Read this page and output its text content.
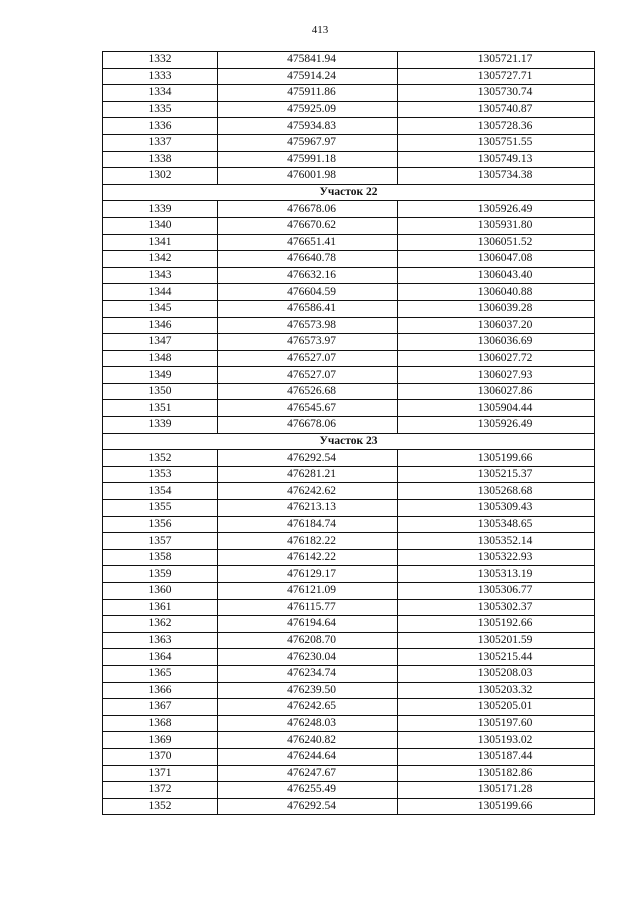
413
1332	475841.94	1305721.17
1333	475914.24	1305727.71
1334	475911.86	1305730.74
1335	475925.09	1305740.87
1336	475934.83	1305728.36
1337	475967.97	1305751.55
1338	475991.18	1305749.13
1302	476001.98	1305734.38
Участок 22		
1339	476678.06	1305926.49
1340	476670.62	1305931.80
1341	476651.41	1306051.52
1342	476640.78	1306047.08
1343	476632.16	1306043.40
1344	476604.59	1306040.88
1345	476586.41	1306039.28
1346	476573.98	1306037.20
1347	476573.97	1306036.69
1348	476527.07	1306027.72
1349	476527.07	1306027.93
1350	476526.68	1306027.86
1351	476545.67	1305904.44
1339	476678.06	1305926.49
Участок 23		
1352	476292.54	1305199.66
1353	476281.21	1305215.37
1354	476242.62	1305268.68
1355	476213.13	1305309.43
1356	476184.74	1305348.65
1357	476182.22	1305352.14
1358	476142.22	1305322.93
1359	476129.17	1305313.19
1360	476121.09	1305306.77
1361	476115.77	1305302.37
1362	476194.64	1305192.66
1363	476208.70	1305201.59
1364	476230.04	1305215.44
1365	476234.74	1305208.03
1366	476239.50	1305203.32
1367	476242.65	1305205.01
1368	476248.03	1305197.60
1369	476240.82	1305193.02
1370	476244.64	1305187.44
1371	476247.67	1305182.86
1372	476255.49	1305171.28
1352	476292.54	1305199.66
